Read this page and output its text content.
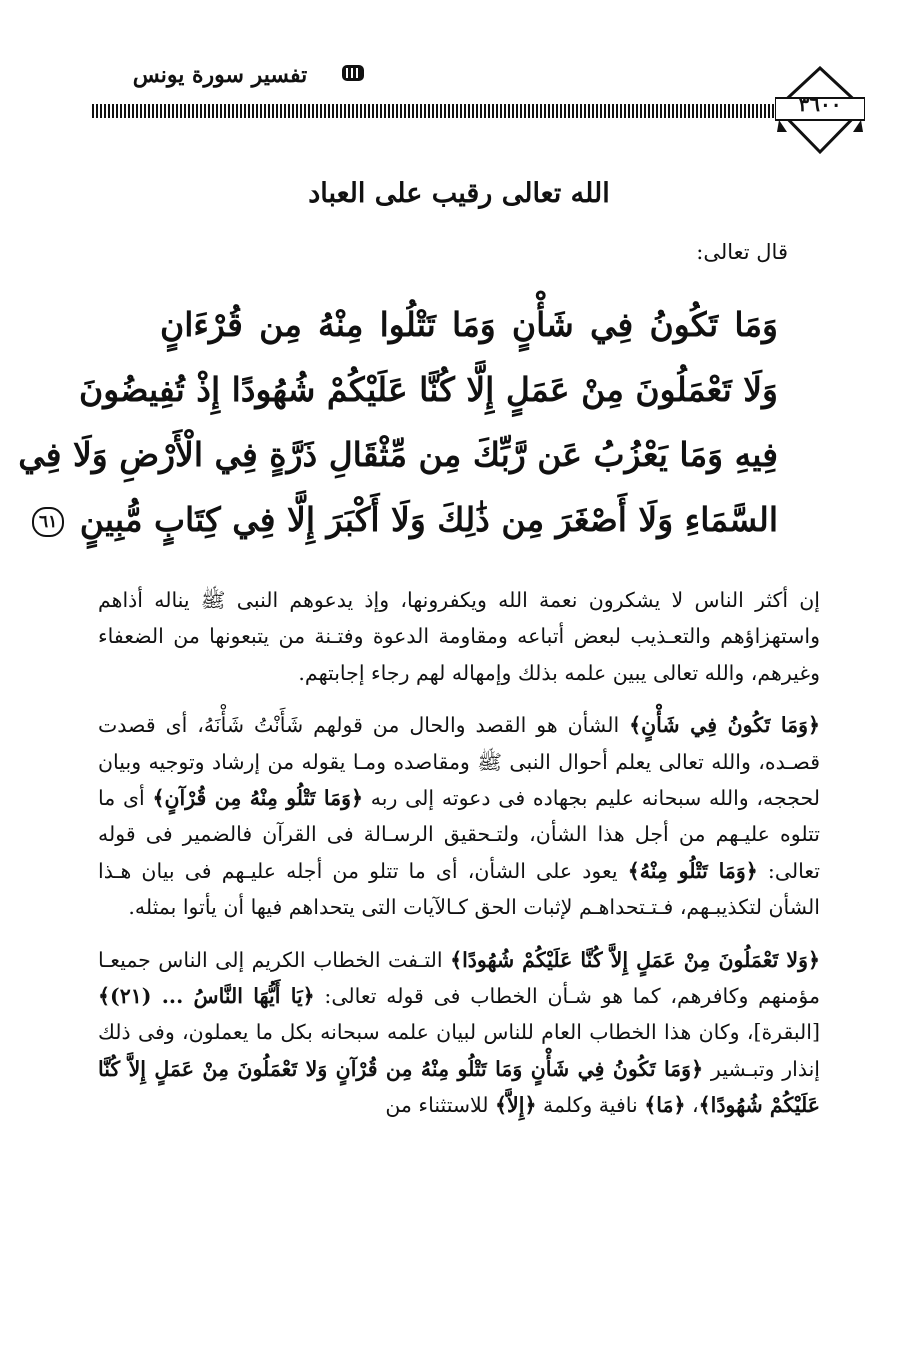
تفسير سورة يونس
٣٦٠٠
الله تعالى رقيب على العباد
قال تعالى:
وَمَا تَكُونُ فِي شَأْنٍ وَمَا تَتْلُوا مِنْهُ مِن قُرْءَانٍ
وَلَا تَعْمَلُونَ مِنْ عَمَلٍ إِلَّا كُنَّا عَلَيْكُمْ شُهُودًا إِذْ تُفِيضُونَ
فِيهِ وَمَا يَعْزُبُ عَن رَّبِّكَ مِن مِّثْقَالِ ذَرَّةٍ فِي الْأَرْضِ وَلَا فِي
السَّمَاءِ وَلَا أَصْغَرَ مِن ذَٰلِكَ وَلَا أَكْبَرَ إِلَّا فِي كِتَابٍ مُّبِينٍ ٦١

إن أكثر الناس لا يشكرون نعمة الله ويكفرونها، وإذ يدعوهم النبى ﷺ يناله أذاهم واستهزاؤهم والتعـذيب لبعض أتباعه ومقاومة الدعوة وفتـنة من يتبعونها من الضعفاء وغيرهم، والله تعالى يبين علمه بذلك وإمهاله لهم رجاء إجابتهم.

﴿وَمَا تَكُونُ فِي شَأْنٍ﴾ الشأن هو القصد والحال من قولهم شَأَنْتُ شَأْنَهُ، أى قصدت قصـده، والله تعالى يعلم أحوال النبى ﷺ ومقاصده ومـا يقوله من إرشاد وتوجيه وبيان لحججه، والله سبحانه عليم بجهاده فى دعوته إلى ربه ﴿وَمَا تَتْلُو مِنْهُ مِن قُرْآنٍ﴾ أى ما تتلوه عليـهم من أجل هذا الشأن، ولتـحقيق الرسـالة فى القرآن فالضمير فى قوله تعالى: ﴿وَمَا تَتْلُو مِنْهُ﴾ يعود على الشأن، أى ما تتلو من أجله عليـهم فى بيان هـذا الشأن لتكذيبـهم، فـتـتحداهـم لإثبات الحق كـالآيات التى يتحداهم فيها أن يأتوا بمثله.

﴿وَلا تَعْمَلُونَ مِنْ عَمَلٍ إِلاَّ كُنَّا عَلَيْكُمْ شُهُودًا﴾ التـفت الخطاب الكريم إلى الناس جميعـا مؤمنهم وكافرهم، كما هو شـأن الخطاب فى قوله تعالى: ﴿يَا أَيُّهَا النَّاسُ ... (٢١)﴾ [البقرة]، وكان هذا الخطاب العام للناس لبيان علمه سبحانه بكل ما يعملون، وفى ذلك إنذار وتبـشير ﴿وَمَا تَكُونُ فِي شَأْنٍ وَمَا تَتْلُو مِنْهُ مِن قُرْآنٍ وَلا تَعْمَلُونَ مِنْ عَمَلٍ إِلاَّ كُنَّا عَلَيْكُمْ شُهُودًا﴾، ﴿مَا﴾ نافية وكلمة ﴿إِلاَّ﴾ للاستثناء من
